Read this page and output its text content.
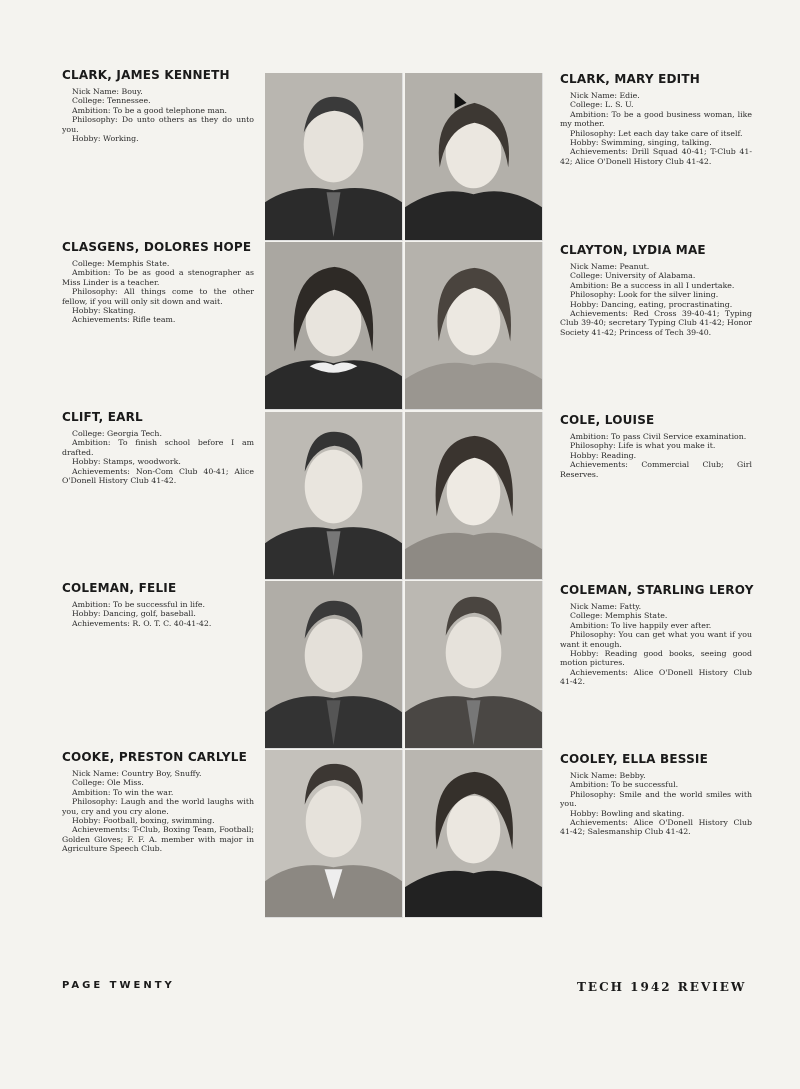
CLARK, JAMES KENNETH

Nick Name: Bouy.

College: Tennessee.

Ambition: To be a good telephone man.

Philosophy: Do unto others as they do unto you.

Hobby: Working.

CLASGENS, DOLORES HOPE

College: Memphis State.

Ambition: To be as good a stenographer as Miss Linder is a teacher.

Philosophy: All things come to the other fellow, if you will only sit down and wait.

Hobby: Skating.

Achievements: Rifle team.

CLIFT, EARL

College: Georgia Tech.

Ambition: To finish school before I am drafted.

Hobby: Stamps, woodwork.

Achievements: Non-Com Club 40-41; Alice O'Donell History Club 41-42.

COLEMAN, FELIE

Ambition: To be successful in life.

Hobby: Dancing, golf, baseball.

Achievements: R. O. T. C. 40-41-42.

COOKE, PRESTON CARLYLE

Nick Name: Country Boy, Snuffy.

College: Ole Miss.

Ambition: To win the war.

Philosophy: Laugh and the world laughs with you, cry and you cry alone.

Hobby: Football, boxing, swimming.

Achievements: T-Club, Boxing Team, Football; Golden Gloves; F. F. A. member with major in Agriculture Speech Club.

CLARK, MARY EDITH

Nick Name: Edie.

College: L. S. U.

Ambition: To be a good business woman, like my mother.

Philosophy: Let each day take care of itself.

Hobby: Swimming, singing, talking.

Achievements: Drill Squad 40-41; T-Club 41-42; Alice O'Donell History Club 41-42.

CLAYTON, LYDIA MAE

Nick Name: Peanut.

College: University of Alabama.

Ambition: Be a success in all I undertake.

Philosophy: Look for the silver lining.

Hobby: Dancing, eating, procrastinating.

Achievements: Red Cross 39-40-41; Typing Club 39-40; secretary Typing Club 41-42; Honor Society 41-42; Princess of Tech 39-40.

COLE, LOUISE

Ambition: To pass Civil Service examination.

Philosophy: Life is what you make it.

Hobby: Reading.

Achievements: Commercial Club; Girl Reserves.

COLEMAN, STARLING LEROY

Nick Name: Fatty.

College: Memphis State.

Ambition: To live happily ever after.

Philosophy: You can get what you want if you want it enough.

Hobby: Reading good books, seeing good motion pictures.

Achievements: Alice O'Donell History Club 41-42.

COOLEY, ELLA BESSIE

Nick Name: Bebby.

Ambition: To be successful.

Philosophy: Smile and the world smiles with you.

Hobby: Bowling and skating.

Achievements: Alice O'Donell History Club 41-42; Salesmanship Club 41-42.

PAGE TWENTY	TECH 1942 REVIEW
